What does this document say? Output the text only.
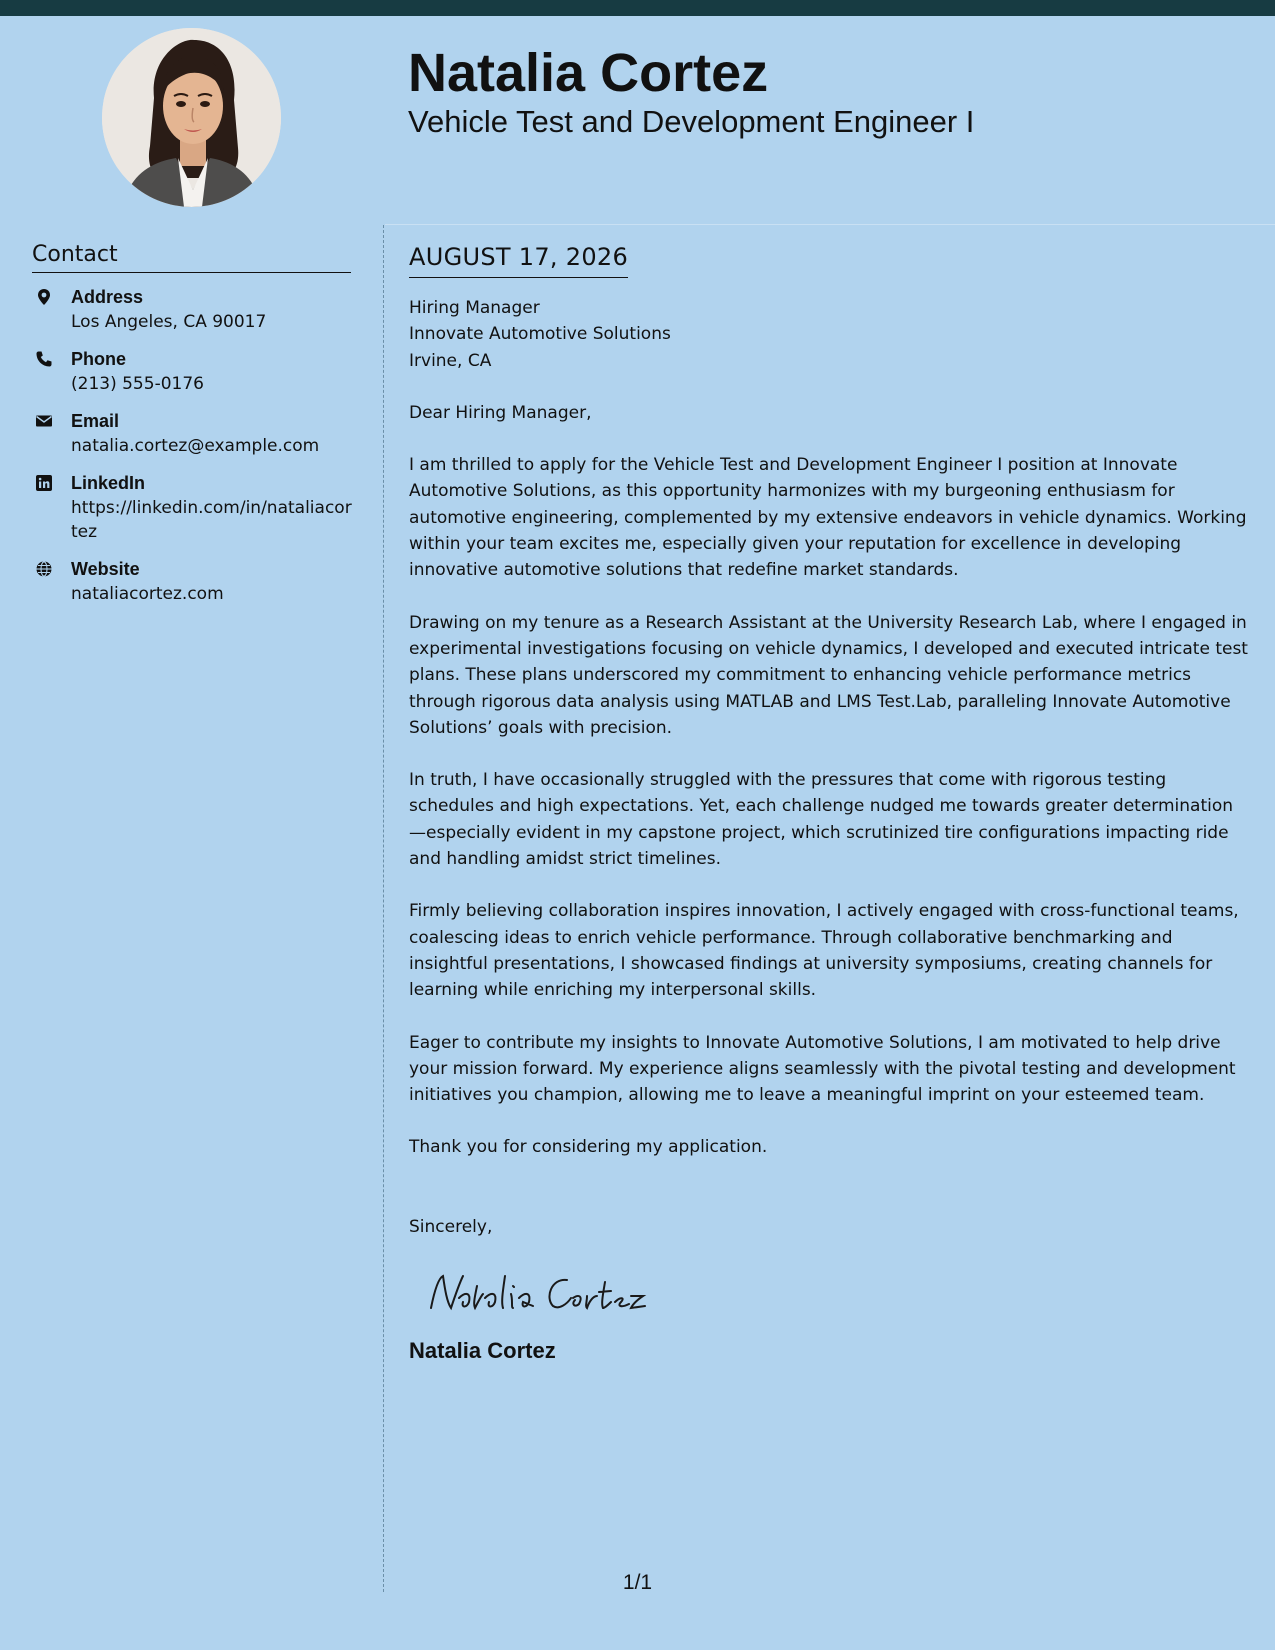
Natalia Cortez
Vehicle Test and Development Engineer I
Contact
Address
Los Angeles, CA 90017
Phone
(213) 555-0176
Email
natalia.cortez@example.com
LinkedIn
https://linkedin.com/in/nataliacortez
Website
nataliacortez.com
AUGUST 17, 2026
Hiring Manager
Innovate Automotive Solutions
Irvine, CA

Dear Hiring Manager,

I am thrilled to apply for the Vehicle Test and Development Engineer I position at Innovate Automotive Solutions, as this opportunity harmonizes with my burgeoning enthusiasm for automotive engineering, complemented by my extensive endeavors in vehicle dynamics. Working within your team excites me, especially given your reputation for excellence in developing innovative automotive solutions that redefine market standards.

Drawing on my tenure as a Research Assistant at the University Research Lab, where I engaged in experimental investigations focusing on vehicle dynamics, I developed and executed intricate test plans. These plans underscored my commitment to enhancing vehicle performance metrics through rigorous data analysis using MATLAB and LMS Test.Lab, paralleling Innovate Automotive Solutions’ goals with precision.

In truth, I have occasionally struggled with the pressures that come with rigorous testing schedules and high expectations. Yet, each challenge nudged me towards greater determination—especially evident in my capstone project, which scrutinized tire configurations impacting ride and handling amidst strict timelines.

Firmly believing collaboration inspires innovation, I actively engaged with cross-functional teams, coalescing ideas to enrich vehicle performance. Through collaborative benchmarking and insightful presentations, I showcased findings at university symposiums, creating channels for learning while enriching my interpersonal skills.

Eager to contribute my insights to Innovate Automotive Solutions, I am motivated to help drive your mission forward. My experience aligns seamlessly with the pivotal testing and development initiatives you champion, allowing me to leave a meaningful imprint on your esteemed team.

Thank you for considering my application.

Sincerely,

Natalia Cortez
1/1
